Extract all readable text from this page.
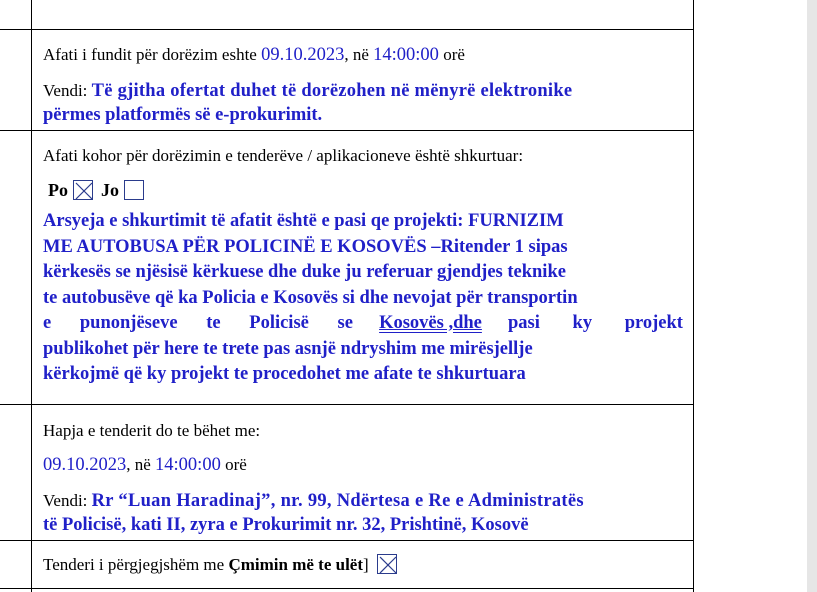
Afati i fundit për dorëzim eshte 09.10.2023, në 14:00:00 orë

Vendi: Të gjitha ofertat duhet të dorëzohen në mënyrë elektronike

përmes platformës së e-prokurimit.

Afati kohor për dorëzimin e tenderëve / aplikacioneve është shkurtuar:

Po Jo

Arsyeja e shkurtimit të afatit është e pasi qe projekti: FURNIZIM
ME AUTOBUSA PËR POLICINË E KOSOVËS –Ritender 1 sipas
kërkesës se njësisë kërkuese dhe duke ju referuar gjendjes teknike
te autobusëve që ka Policia e Kosovës si dhe nevojat për transportin
e punonjëseve te Policisë se Kosovës ,dhe pasi ky projekt
publikohet për here te trete pas asnjë ndryshim me mirësjellje
kërkojmë që ky projekt te procedohet me afate te shkurtuara

Hapja e tenderit do te bëhet me:

09.10.2023, në 14:00:00 orë

Vendi: Rr “Luan Haradinaj”, nr. 99, Ndërtesa e Re e Administratës

të Policisë, kati II, zyra e Prokurimit nr. 32, Prishtinë, Kosovë

Tenderi i përgjegjshëm me Çmimin më te ulët]
